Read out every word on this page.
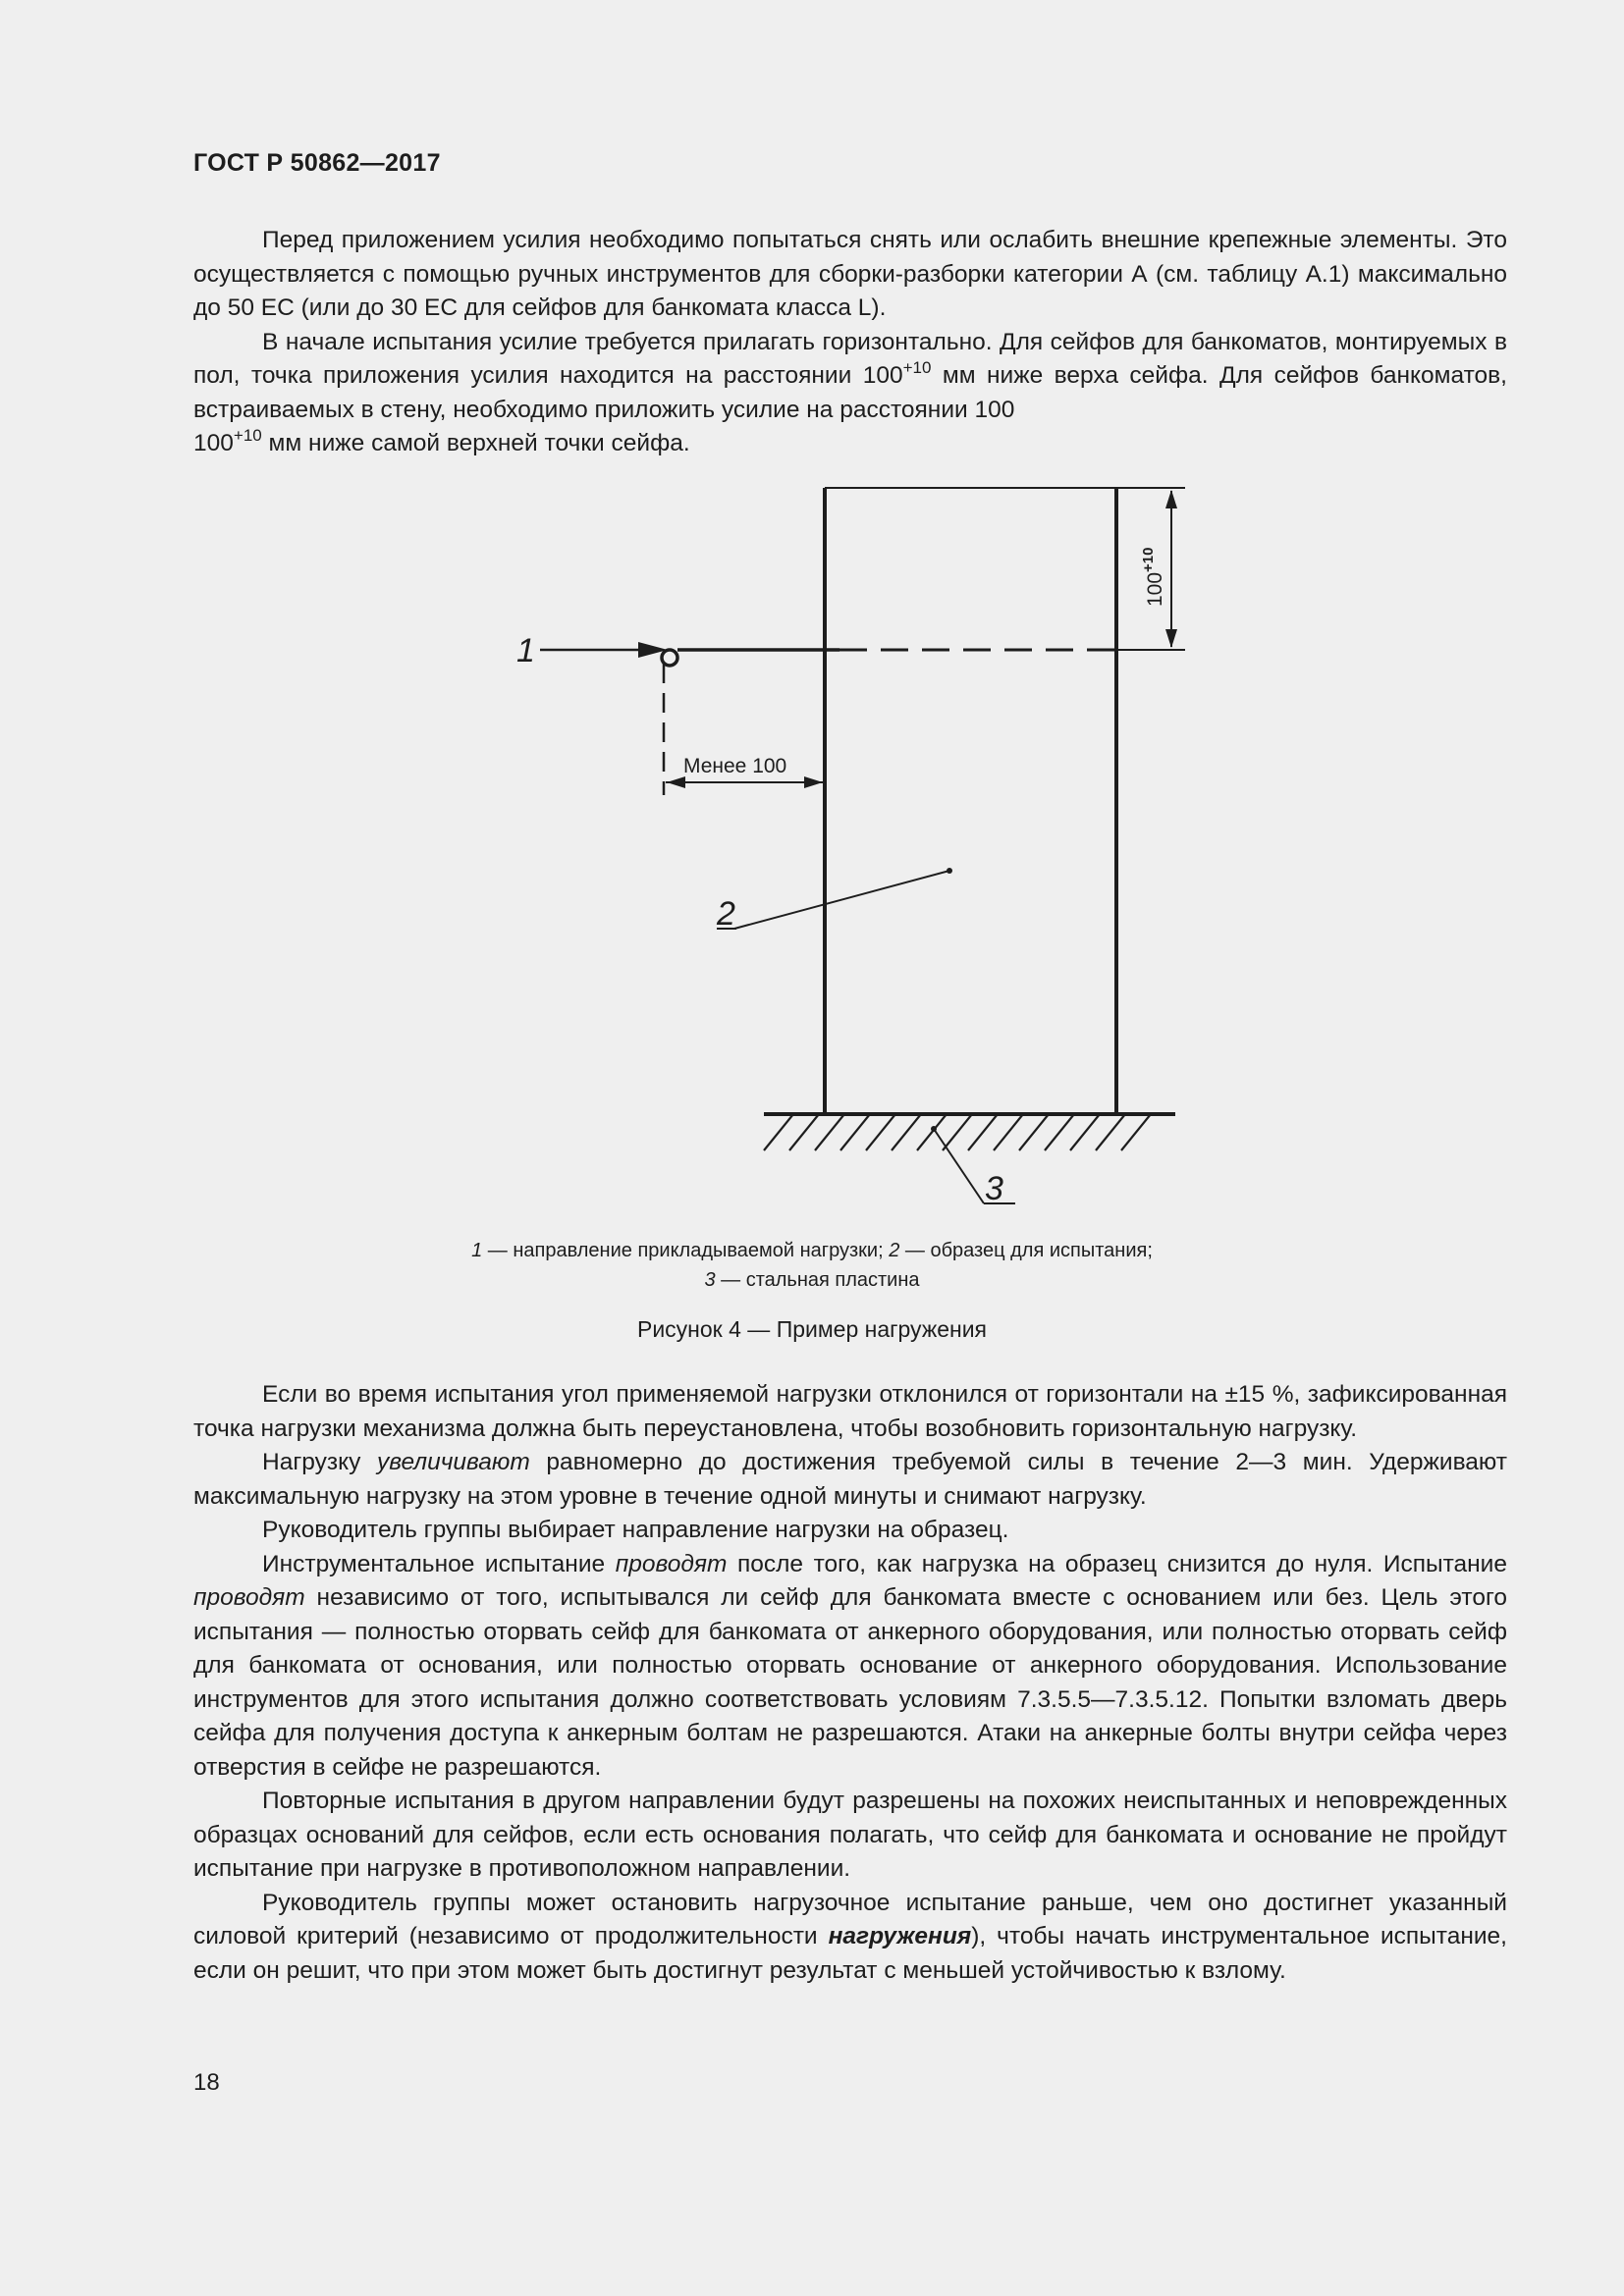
ГОСТ Р 50862—2017

Перед приложением усилия необходимо попытаться снять или ослабить внешние крепежные элементы. Это осуществляется с помощью ручных инструментов для сборки-разборки категории А (см. таблицу А.1) максимально до 50 ЕС (или до 30 ЕС для сейфов для банкомата класса L).

В начале испытания усилие требуется прилагать горизонтально. Для сейфов для банкоматов, монтируемых в пол, точка приложения усилия находится на расстоянии $100^{+10}$ мм ниже верха сейфа. Для сейфов банкоматов, встраиваемых в стену, необходимо приложить усилие на расстоянии 100
$100^{+10}$ мм ниже самой верхней точки сейфа.

1
2
3
Менее 100
$100^{+10}$
1 — направление прикладываемой нагрузки; 2 — образец для испытания;
3 — стальная пластина
Рисунок 4 — Пример нагружения

Если во время испытания угол применяемой нагрузки отклонился от горизонтали на ±15 %, зафиксированная точка нагрузки механизма должна быть переустановлена, чтобы возобновить горизонтальную нагрузку.

Нагрузку увеличивают равномерно до достижения требуемой силы в течение 2—3 мин. Удерживают максимальную нагрузку на этом уровне в течение одной минуты и снимают нагрузку.

Руководитель группы выбирает направление нагрузки на образец.

Инструментальное испытание проводят после того, как нагрузка на образец снизится до нуля. Испытание проводят независимо от того, испытывался ли сейф для банкомата вместе с основанием или без. Цель этого испытания — полностью оторвать сейф для банкомата от анкерного оборудования, или полностью оторвать сейф для банкомата от основания, или полностью оторвать основание от анкерного оборудования. Использование инструментов для этого испытания должно соответствовать условиям 7.3.5.5—7.3.5.12. Попытки взломать дверь сейфа для получения доступа к анкерным болтам не разрешаются. Атаки на анкерные болты внутри сейфа через отверстия в сейфе не разрешаются.

Повторные испытания в другом направлении будут разрешены на похожих неиспытанных и неповрежденных образцах оснований для сейфов, если есть основания полагать, что сейф для банкомата и основание не пройдут испытание при нагрузке в противоположном направлении.

Руководитель группы может остановить нагрузочное испытание раньше, чем оно достигнет указанный силовой критерий (независимо от продолжительности нагружения), чтобы начать инструментальное испытание, если он решит, что при этом может быть достигнут результат с меньшей устойчивостью к взлому.

18
